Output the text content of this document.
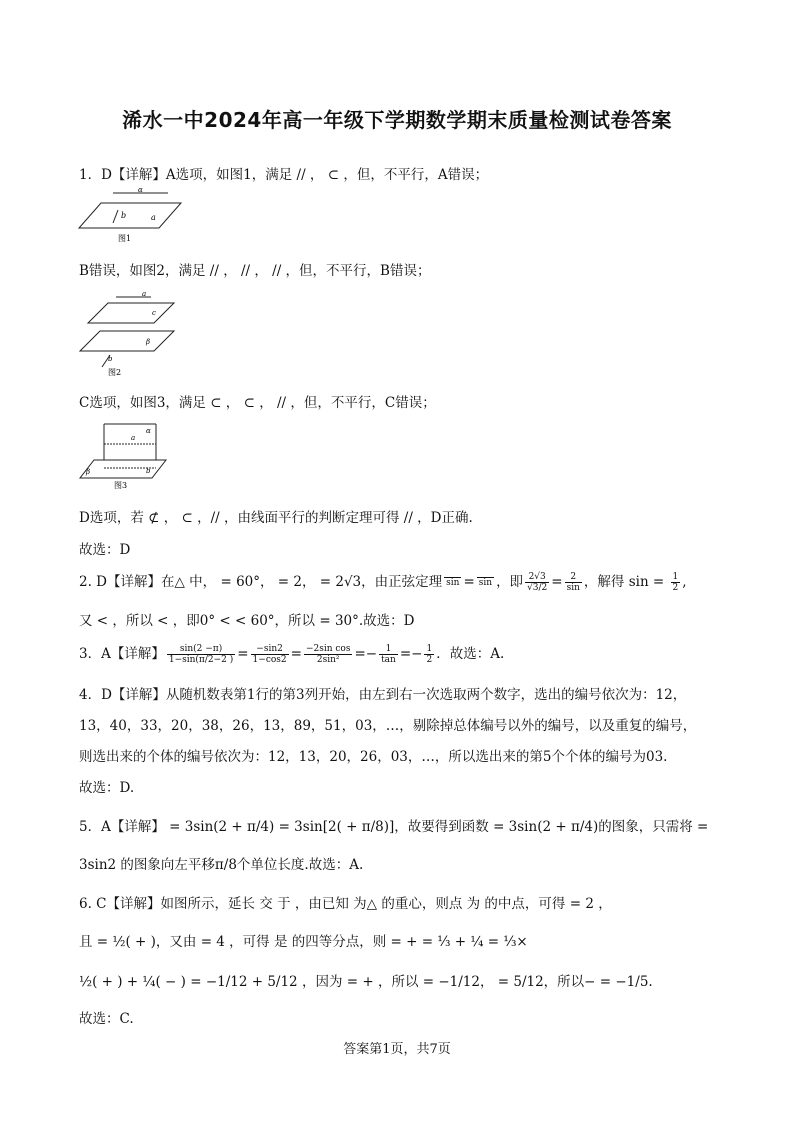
浠水一中2024年高一年级下学期数学期末质量检测试卷答案
1．D【详解】A选项，如图1，满足 // ， ⊂ ，但，不平行，A错误；
α
b	a
图1
B错误，如图2，满足 // ， // ， // ，但，不平行，B错误；
a
c
β
b
图2
C选项，如图3，满足 ⊂ ， ⊂ ， // ，但，不平行，C错误；
α
a
β	b
图3
D选项，若 ⊄ ， ⊂ ，// ，由线面平行的判断定理可得 // ，D正确.
故选：D
2. D【详解】在△ 中， = 60°， = 2， = 2√3，由正弦定理 sin = sin ，即 $\frac{2√3}{√3/2} = \frac{2}{\sin}$ ，解得 $\sin = \frac{1}{2}$ ,
又 < ，所以 < ，即0° < < 60°，所以 = 30°.故选：D
3．A【详解】 $\frac{\sin(2 -\pi)}{1-\sin(\pi/2-2 )} = \frac{-\sin 2}{1-\cos 2} = \frac{\text{−2sin cos}}{\text{2sin²}} =- \frac{1}{\tan} =- \frac{1}{2}$ ．故选：A.
4．D【详解】从随机数表第1行的第3列开始，由左到右一次选取两个数字，选出的编号依次为：12，
13，40，33，20，38，26，13，89，51，03，…，剔除掉总体编号以外的编号，以及重复的编号，
则选出来的个体的编号依次为：12，13，20，26，03，…，所以选出来的第5个个体的编号为03.
故选：D.
5．A【详解】 = 3sin(2 + π/4) = 3sin[2( + π/8)]，故要得到函数 = 3sin(2 + π/4)的图象，只需将 =
3sin2 的图象向左平移π/8个单位长度.故选：A.
6. C【详解】如图所示，延长 交 于 ，由已知 为△ 的重心，则点 为 的中点，可得 = 2 ，
且 = ½( + )，又由 = 4 ，可得 是 的四等分点，则 = + = ⅓ + ¼ = ⅓×
½( + ) + ¼( − ) = −1/12 + 5/12 ，因为 = + ，所以 = −1/12， = 5/12，所以− = −1/5.
故选：C.
答案第1页，共7页
